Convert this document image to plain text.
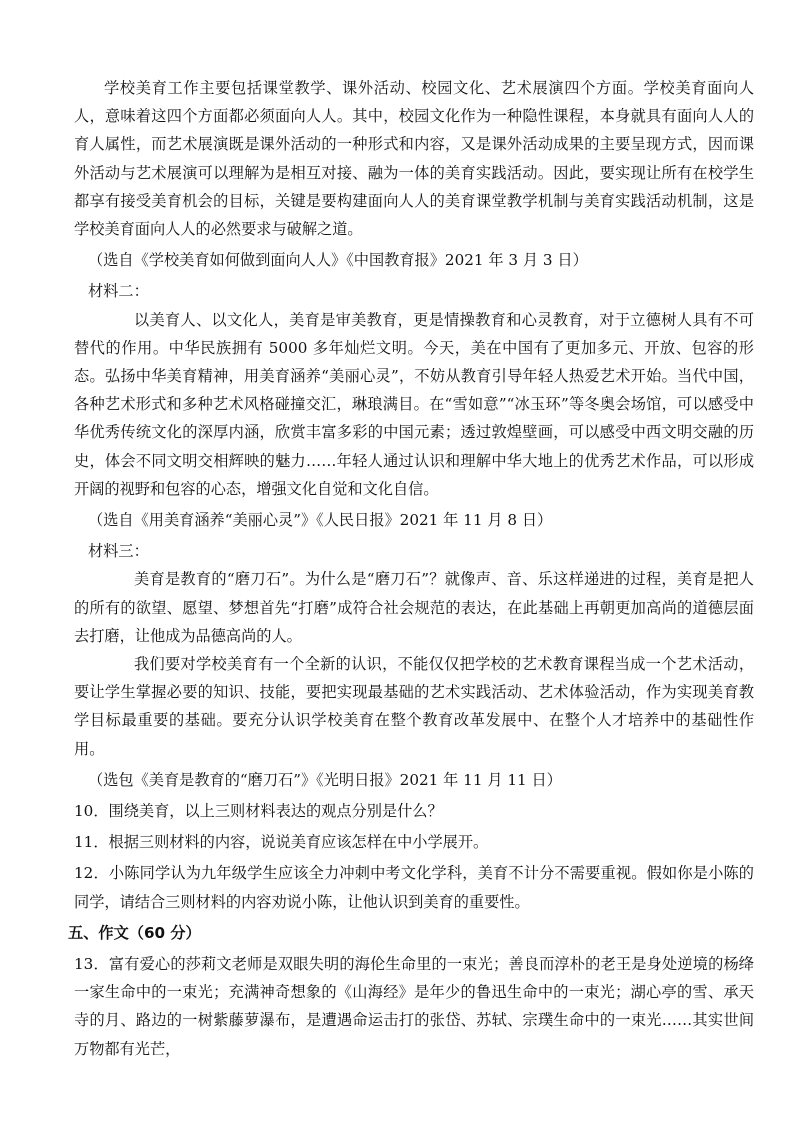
学校美育工作主要包括课堂教学、课外活动、校园文化、艺术展演四个方面。学校美育面向人人，意味着这四个方面都必须面向人人。其中，校园文化作为一种隐性课程，本身就具有面向人人的育人属性，而艺术展演既是课外活动的一种形式和内容，又是课外活动成果的主要呈现方式，因而课外活动与艺术展演可以理解为是相互对接、融为一体的美育实践活动。因此，要实现让所有在校学生都享有接受美育机会的目标，关键是要构建面向人人的美育课堂教学机制与美育实践活动机制，这是学校美育面向人人的必然要求与破解之道。

（选自《学校美育如何做到面向人人》《中国教育报》2021 年 3 月 3 日）

材料二：

以美育人、以文化人，美育是审美教育，更是情操教育和心灵教育，对于立德树人具有不可替代的作用。中华民族拥有 5000 多年灿烂文明。今天，美在中国有了更加多元、开放、包容的形态。弘扬中华美育精神，用美育涵养“美丽心灵”，不妨从教育引导年轻人热爱艺术开始。当代中国，各种艺术形式和多种艺术风格碰撞交汇，琳琅满目。在“雪如意”“冰玉环”等冬奥会场馆，可以感受中华优秀传统文化的深厚内涵，欣赏丰富多彩的中国元素；透过敦煌壁画，可以感受中西文明交融的历史，体会不同文明交相辉映的魅力……年轻人通过认识和理解中华大地上的优秀艺术作品，可以形成开阔的视野和包容的心态，增强文化自觉和文化自信。

（选自《用美育涵养“美丽心灵”》《人民日报》2021 年 11 月 8 日）

材料三：

美育是教育的“磨刀石”。为什么是“磨刀石”？就像声、音、乐这样递进的过程，美育是把人的所有的欲望、愿望、梦想首先“打磨”成符合社会规范的表达，在此基础上再朝更加高尚的道德层面去打磨，让他成为品德高尚的人。

我们要对学校美育有一个全新的认识，不能仅仅把学校的艺术教育课程当成一个艺术活动，要让学生掌握必要的知识、技能，要把实现最基础的艺术实践活动、艺术体验活动，作为实现美育教学目标最重要的基础。要充分认识学校美育在整个教育改革发展中、在整个人才培养中的基础性作用。

（选包《美育是教育的“磨刀石”》《光明日报》2021 年 11 月 11 日）

10．围绕美育，以上三则材料表达的观点分别是什么？

11．根据三则材料的内容，说说美育应该怎样在中小学展开。

12．小陈同学认为九年级学生应该全力冲刺中考文化学科，美育不计分不需要重视。假如你是小陈的同学，请结合三则材料的内容劝说小陈，让他认识到美育的重要性。

五、作文（60 分）

13．富有爱心的莎莉文老师是双眼失明的海伦生命里的一束光；善良而淳朴的老王是身处逆境的杨绛一家生命中的一束光；充满神奇想象的《山海经》是年少的鲁迅生命中的一束光；湖心亭的雪、承天寺的月、路边的一树紫藤萝瀑布，是遭遇命运击打的张岱、苏轼、宗璞生命中的一束光……其实世间万物都有光芒，
